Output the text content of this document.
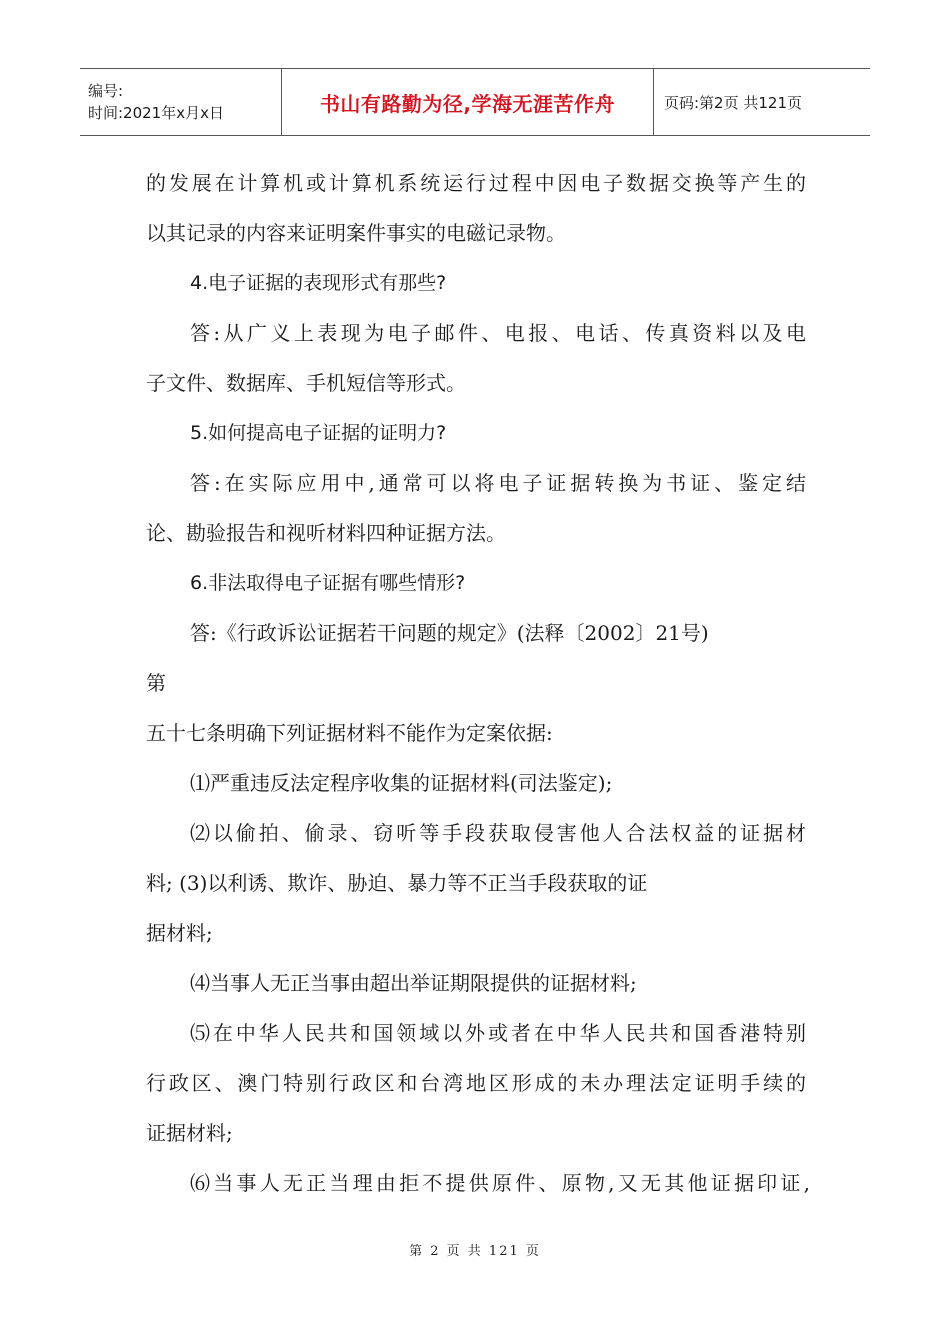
编号:
时间:2021年x月x日	书山有路勤为径,学海无涯苦作舟	页码:第2页 共121页
的发展在计算机或计算机系统运行过程中因电子数据交换等产生的
以其记录的内容来证明案件事实的电磁记录物。
4.电子证据的表现形式有那些?
答:从广义上表现为电子邮件、电报、电话、传真资料以及电
子文件、数据库、手机短信等形式。
5.如何提高电子证据的证明力?
答:在实际应用中,通常可以将电子证据转换为书证、鉴定结
论、勘验报告和视听材料四种证据方法。
6.非法取得电子证据有哪些情形?
答:《行政诉讼证据若干问题的规定》(法释〔2002〕21号)
第
五十七条明确下列证据材料不能作为定案依据:
⑴严重违反法定程序收集的证据材料(司法鉴定);
⑵以偷拍、偷录、窃听等手段获取侵害他人合法权益的证据材
料; (3)以利诱、欺诈、胁迫、暴力等不正当手段获取的证
据材料;
⑷当事人无正当事由超出举证期限提供的证据材料;
⑸在中华人民共和国领域以外或者在中华人民共和国香港特别
行政区、澳门特别行政区和台湾地区形成的未办理法定证明手续的
证据材料;
⑹当事人无正当理由拒不提供原件、原物,又无其他证据印证,
第 2 页 共 121 页
